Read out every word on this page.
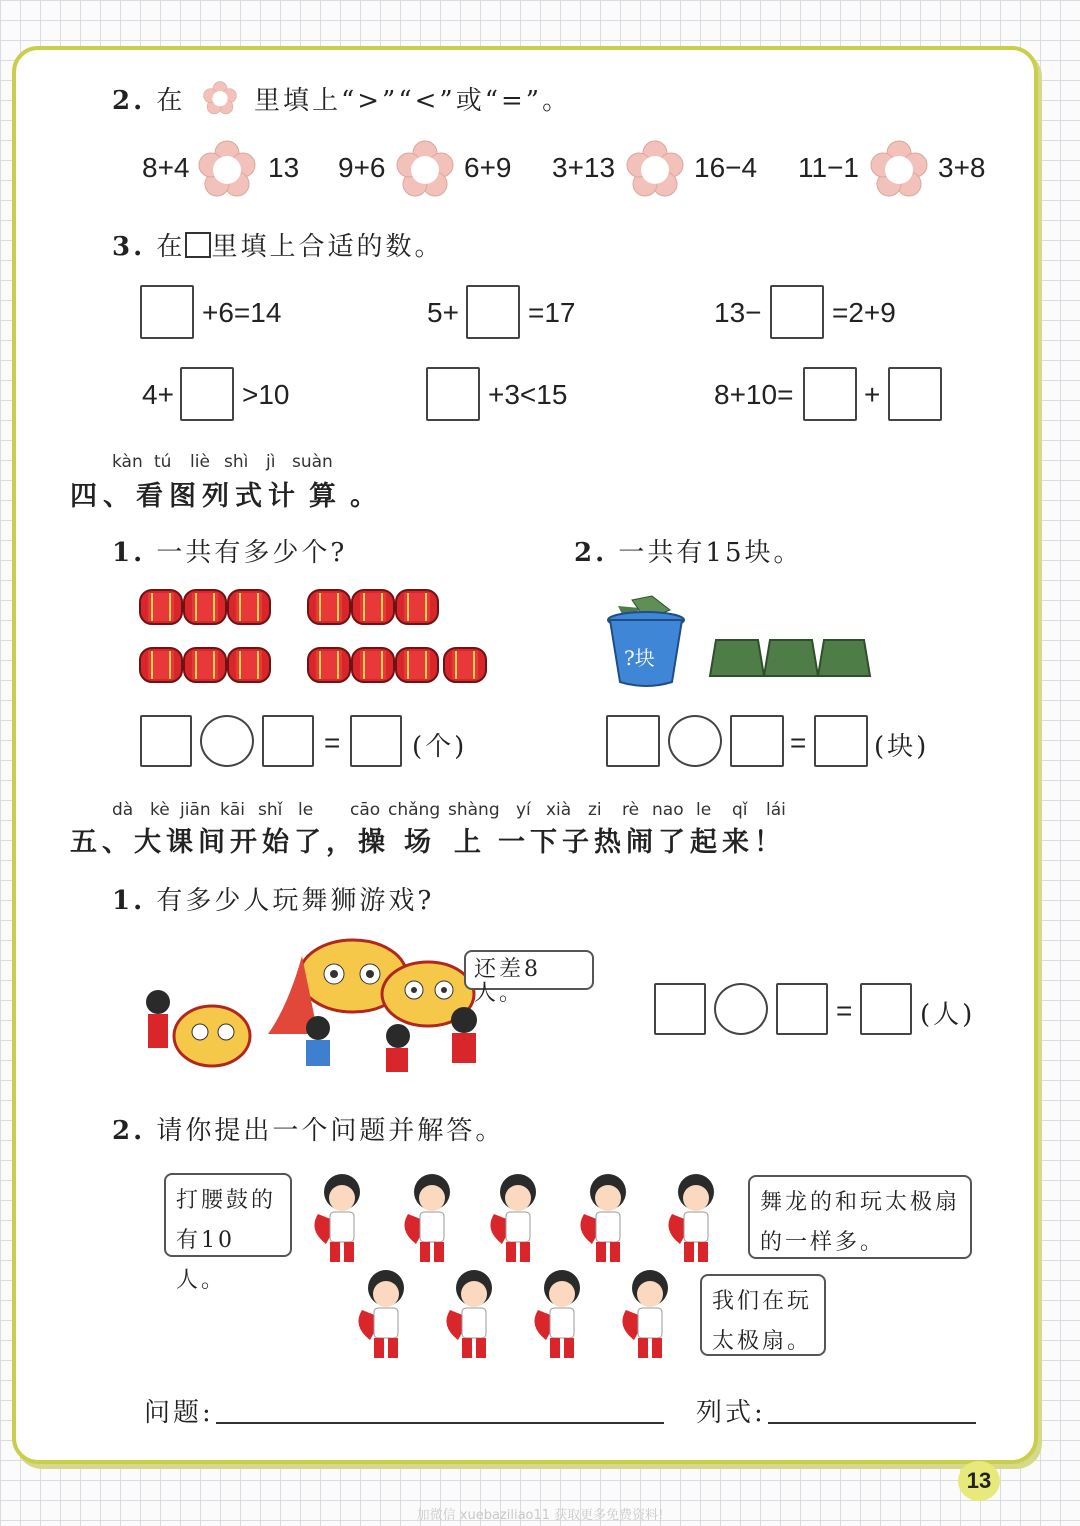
2. 在	里填上“>”“<”或“=”。
8+4	13 9+6	6+9 3+13	16−4 11−1	3+8
3. 在 里填上合适的数。
+6=14	5+ =17	13−	=2+9
4+ >10	+3<15	8+10=	+
kàn tú liè shì jì suàn
四、看图列式计 算 。
1. 一共有多少个?	2. 一共有15块。
=	(个)
?块
=	(块)
dà kè jiān kāi shǐ le cāo chǎng shàng yí xià zi rè nao le qǐ lái
五、大课间开始了，操 场 上 一下子热闹了起来！
1. 有多少人玩舞狮游戏?
还差8人。
=	(人)
2. 请你提出一个问题并解答。
打腰鼓的
有10人。
舞龙的和玩太极扇
的一样多。
我们在玩
太极扇。
问题:	列式:
13
加微信 xuebaziliao11 获取更多免费资料!
